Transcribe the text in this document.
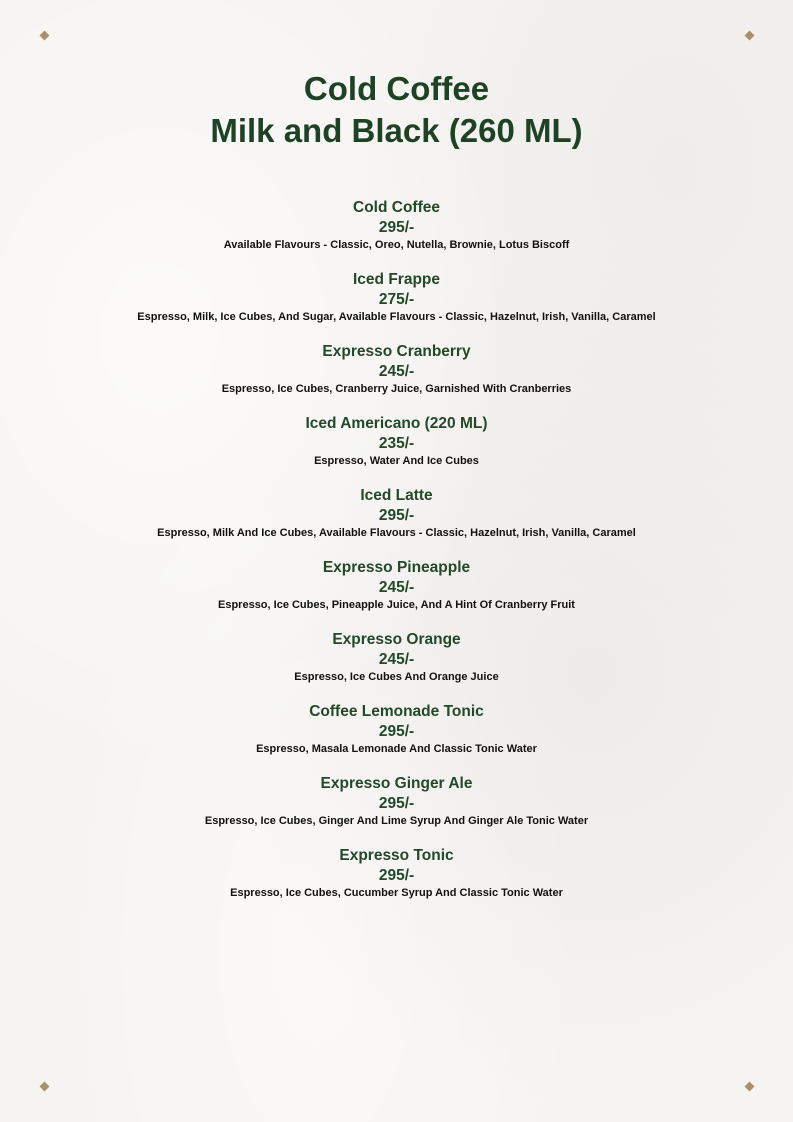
Cold Coffee
Milk and Black (260 ML)
Cold Coffee
295/-
Available Flavours - Classic, Oreo, Nutella, Brownie, Lotus Biscoff
Iced Frappe
275/-
Espresso, Milk, Ice Cubes, And Sugar, Available Flavours - Classic, Hazelnut, Irish, Vanilla, Caramel
Expresso Cranberry
245/-
Espresso, Ice Cubes, Cranberry Juice, Garnished With Cranberries
Iced Americano (220 ML)
235/-
Espresso, Water And Ice Cubes
Iced Latte
295/-
Espresso, Milk And Ice Cubes, Available Flavours - Classic, Hazelnut, Irish, Vanilla, Caramel
Expresso Pineapple
245/-
Espresso, Ice Cubes, Pineapple Juice, And A Hint Of Cranberry Fruit
Expresso Orange
245/-
Espresso, Ice Cubes And Orange Juice
Coffee Lemonade Tonic
295/-
Espresso, Masala Lemonade And Classic Tonic Water
Expresso Ginger Ale
295/-
Espresso, Ice Cubes, Ginger And Lime Syrup And Ginger Ale Tonic Water
Expresso Tonic
295/-
Espresso, Ice Cubes, Cucumber Syrup And Classic Tonic Water
